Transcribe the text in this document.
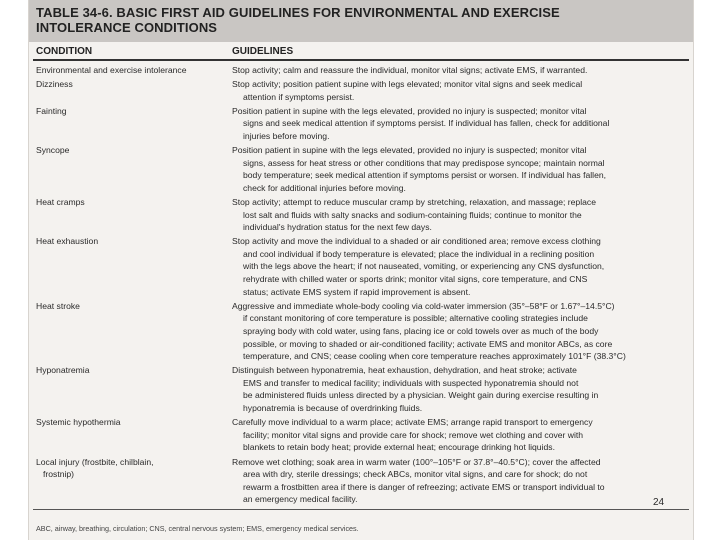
TABLE 34-6. BASIC FIRST AID GUIDELINES FOR ENVIRONMENTAL AND EXERCISE
INTOLERANCE CONDITIONS
CONDITION	GUIDELINES
Environmental and exercise intolerance	Stop activity; calm and reassure the individual, monitor vital signs; activate EMS, if warranted.
Dizziness	Stop activity; position patient supine with legs elevated; monitor vital signs and seek medical
attention if symptoms persist.
Fainting	Position patient in supine with the legs elevated, provided no injury is suspected; monitor vital
signs and seek medical attention if symptoms persist. If individual has fallen, check for additional
injuries before moving.
Syncope	Position patient in supine with the legs elevated, provided no injury is suspected; monitor vital
signs, assess for heat stress or other conditions that may predispose syncope; maintain normal
body temperature; seek medical attention if symptoms persist or worsen. If individual has fallen,
check for additional injuries before moving.
Heat cramps	Stop activity; attempt to reduce muscular cramp by stretching, relaxation, and massage; replace
lost salt and fluids with salty snacks and sodium-containing fluids; continue to monitor the
individual's hydration status for the next few days.
Heat exhaustion	Stop activity and move the individual to a shaded or air conditioned area; remove excess clothing
and cool individual if body temperature is elevated; place the individual in a reclining position
with the legs above the heart; if not nauseated, vomiting, or experiencing any CNS dysfunction,
rehydrate with chilled water or sports drink; monitor vital signs, core temperature, and CNS
status; activate EMS system if rapid improvement is absent.
Heat stroke	Aggressive and immediate whole-body cooling via cold-water immersion (35°–58°F or 1.67°–14.5°C)
if constant monitoring of core temperature is possible; alternative cooling strategies include
spraying body with cold water, using fans, placing ice or cold towels over as much of the body
possible, or moving to shaded or air-conditioned facility; activate EMS and monitor ABCs, as core
temperature, and CNS; cease cooling when core temperature reaches approximately 101°F (38.3°C)
Hyponatremia	Distinguish between hyponatremia, heat exhaustion, dehydration, and heat stroke; activate
EMS and transfer to medical facility; individuals with suspected hyponatremia should not
be administered fluids unless directed by a physician. Weight gain during exercise resulting in
hyponatremia is because of overdrinking fluids.
Systemic hypothermia	Carefully move individual to a warm place; activate EMS; arrange rapid transport to emergency
facility; monitor vital signs and provide care for shock; remove wet clothing and cover with
blankets to retain body heat; provide external heat; encourage drinking hot liquids.
Local injury (frostbite, chilblain,
frostnip)
Remove wet clothing; soak area in warm water (100°–105°F or 37.8°–40.5°C); cover the affected
area with dry, sterile dressings; check ABCs, monitor vital signs, and care for shock; do not
rewarm a frostbitten area if there is danger of refreezing; activate EMS or transport individual to
an emergency medical facility.
ABC, airway, breathing, circulation; CNS, central nervous system; EMS, emergency medical services.
24
